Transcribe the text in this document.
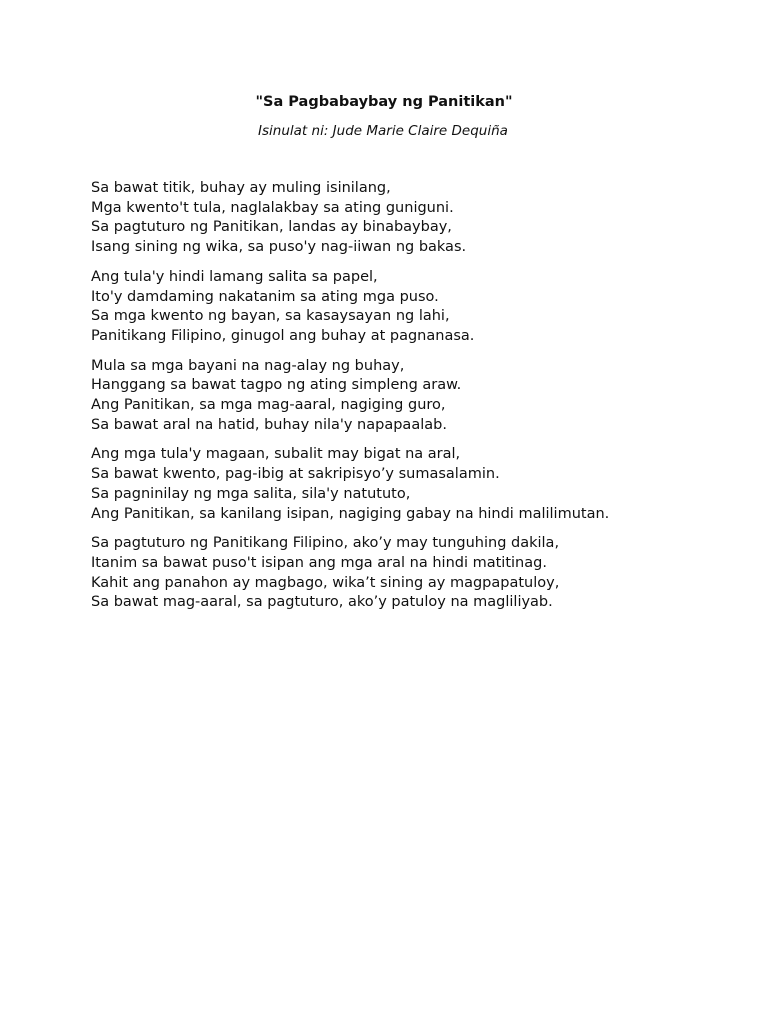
"Sa Pagbabaybay ng Panitikan"

Isinulat ni: Jude Marie Claire Dequiña

Sa bawat titik, buhay ay muling isinilang,
Mga kwento't tula, naglalakbay sa ating guniguni.
Sa pagtuturo ng Panitikan, landas ay binabaybay,
Isang sining ng wika, sa puso'y nag-iiwan ng bakas.
Ang tula'y hindi lamang salita sa papel,
Ito'y damdaming nakatanim sa ating mga puso.
Sa mga kwento ng bayan, sa kasaysayan ng lahi,
Panitikang Filipino, ginugol ang buhay at pagnanasa.
Mula sa mga bayani na nag-alay ng buhay,
Hanggang sa bawat tagpo ng ating simpleng araw.
Ang Panitikan, sa mga mag-aaral, nagiging guro,
Sa bawat aral na hatid, buhay nila'y napapaalab.
Ang mga tula'y magaan, subalit may bigat na aral,
Sa bawat kwento, pag-ibig at sakripisyo’y sumasalamin.
Sa pagninilay ng mga salita, sila'y natututo,
Ang Panitikan, sa kanilang isipan, nagiging gabay na hindi malilimutan.
Sa pagtuturo ng Panitikang Filipino, ako’y may tunguhing dakila,
Itanim sa bawat puso't isipan ang mga aral na hindi matitinag.
Kahit ang panahon ay magbago, wika’t sining ay magpapatuloy,
Sa bawat mag-aaral, sa pagtuturo, ako’y patuloy na magliliyab.
